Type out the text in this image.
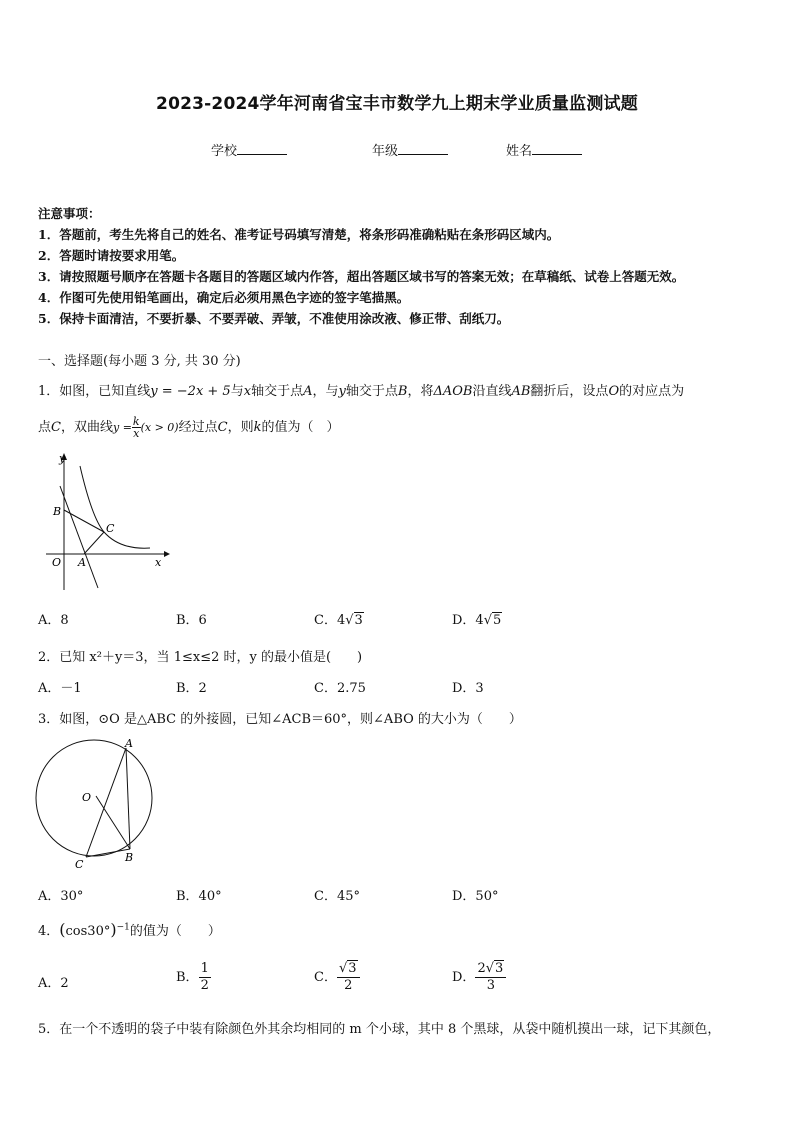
2023-2024学年河南省宝丰市数学九上期末学业质量监测试题
学校	年级	姓名
注意事项：
1．答题前，考生先将自己的姓名、准考证号码填写清楚，将条形码准确粘贴在条形码区域内。
2．答题时请按要求用笔。
3．请按照题号顺序在答题卡各题目的答题区域内作答，超出答题区域书写的答案无效；在草稿纸、试卷上答题无效。
4．作图可先使用铅笔画出，确定后必须用黑色字迹的签字笔描黑。
5．保持卡面清洁，不要折暴、不要弄破、弄皱，不准使用涂改液、修正带、刮纸刀。
一、选择题(每小题 3 分, 共 30 分)
1．如图，已知直线y = −2x + 5与x轴交于点A，与y轴交于点B，将ΔAOB沿直线AB翻折后，设点O的对应点为
点C，双曲线$y = \frac{k}{x} (x > 0)$经过点C，则k的值为（　）
y
x
B
C
O A
A．8	B．6	C．4√3	D．4√5
2．已知 x²＋y＝3，当 1≤x≤2 时，y 的最小值是(　　)
A．－1	B．2	C．2.75	D．3
3．如图，⊙O 是△ABC 的外接圆，已知∠ACB＝60°，则∠ABO 的大小为（　　）
A
O
B
C
A．30°	B．40°	C．45°	D．50°
4．$(\cos 30^\circ)^{-1}$的值为（　　）
A．2	B． $\frac{1}{2}$	C． $\frac{√3}{2}$	D． $\frac{2√3}{3}$
5．在一个不透明的袋子中装有除颜色外其余均相同的 m 个小球，其中 8 个黑球，从袋中随机摸出一球，记下其颜色，
